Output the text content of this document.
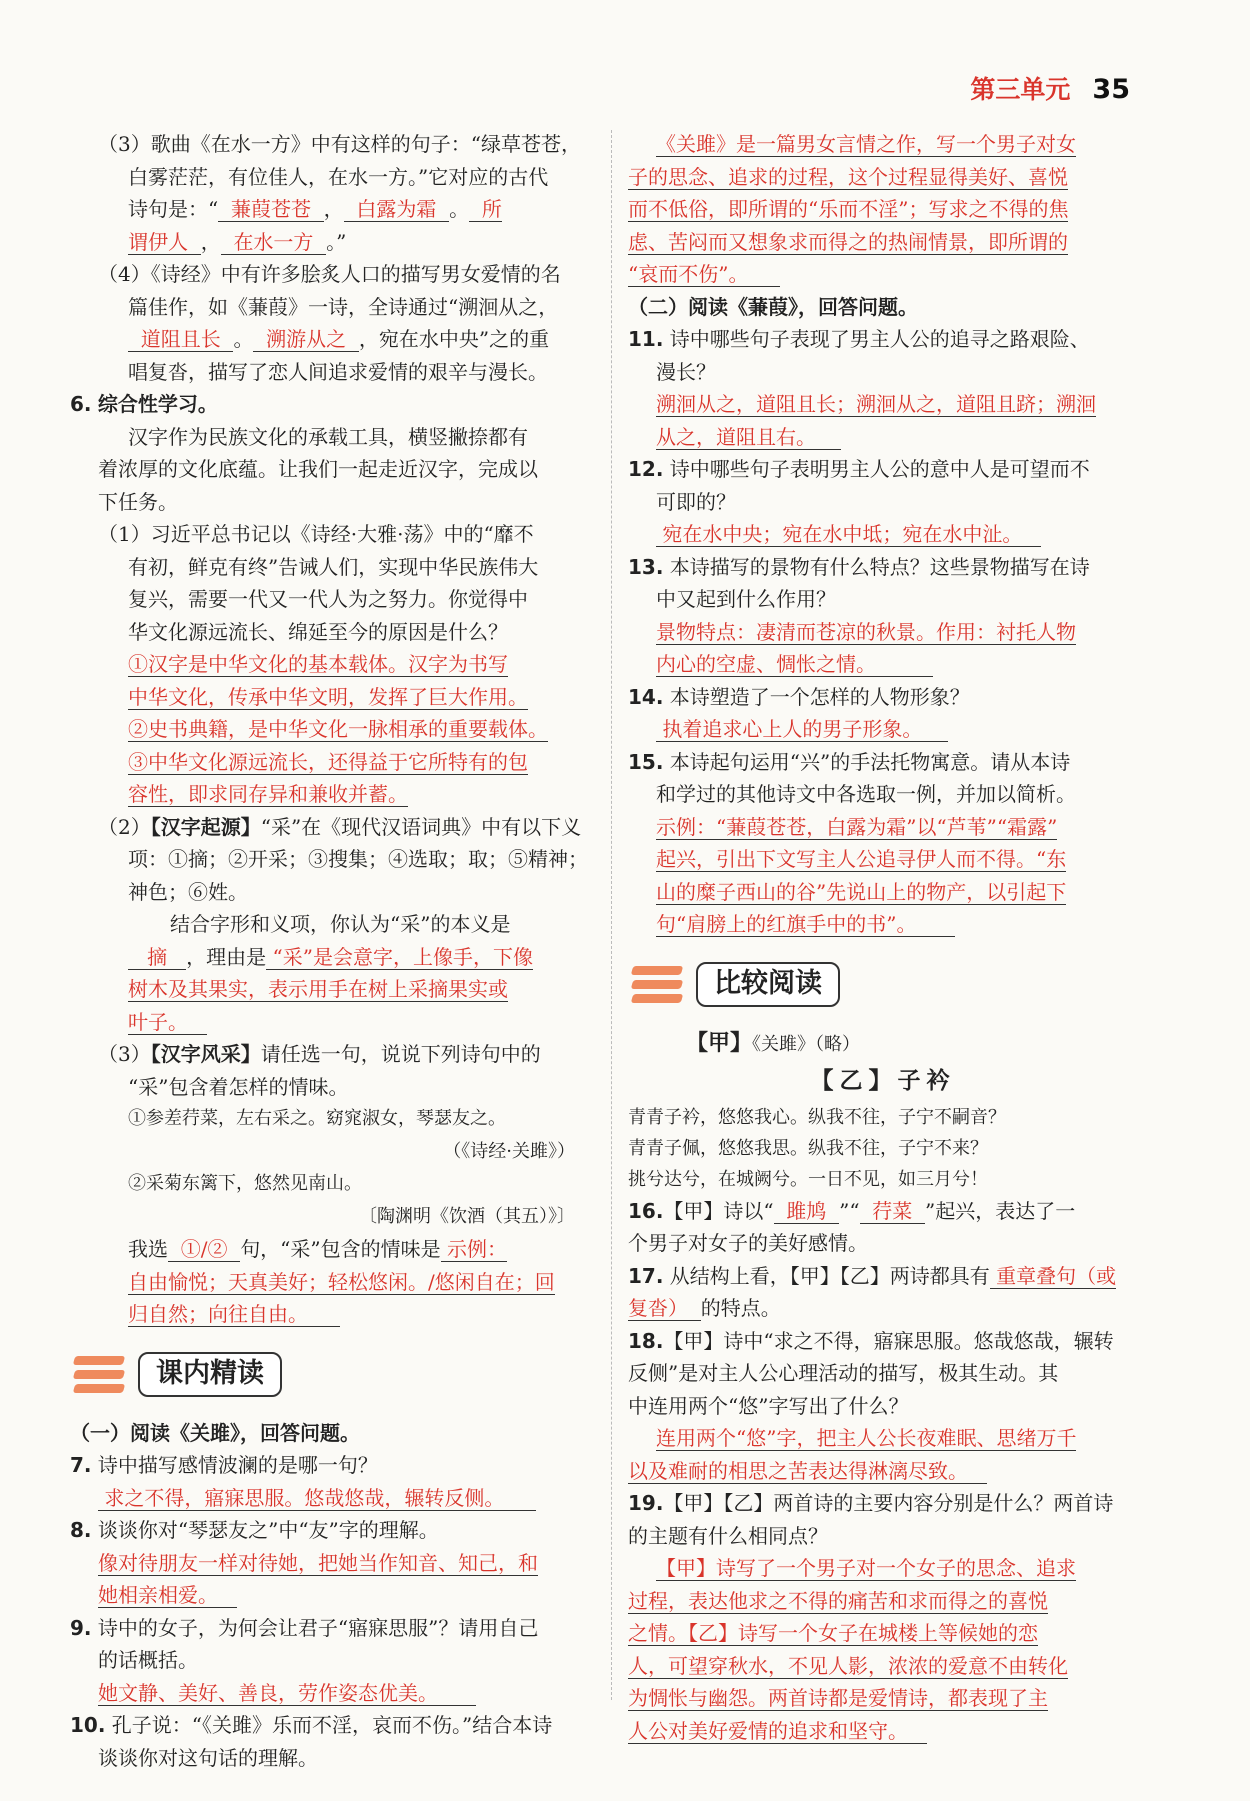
第三单元 35

（3）歌曲《在水一方》中有这样的句子：“绿草苍苍，

白雾茫茫，有位佳人，在水一方。”它对应的古代

诗句是：“ 蒹葭苍苍 ， 白露为霜 。 所

谓伊人 ， 在水一方 。”

（4）《诗经》中有许多脍炙人口的描写男女爱情的名

篇佳作，如《蒹葭》一诗，全诗通过“溯洄从之，

道阻且长 。 溯游从之 ，宛在水中央”之的重

唱复沓，描写了恋人间追求爱情的艰辛与漫长。

6. 综合性学习。

汉字作为民族文化的承载工具，横竖撇捺都有

着浓厚的文化底蕴。让我们一起走近汉字，完成以

下任务。

（1）习近平总书记以《诗经·大雅·荡》中的“靡不

有初，鲜克有终”告诫人们，实现中华民族伟大

复兴，需要一代又一代人为之努力。你觉得中

华文化源远流长、绵延至今的原因是什么？

①汉字是中华文化的基本载体。汉字为书写

中华文化，传承中华文明，发挥了巨大作用。

②史书典籍，是中华文化一脉相承的重要载体。

③中华文化源远流长，还得益于它所特有的包

容性，即求同存异和兼收并蓄。

（2）【汉字起源】“采”在《现代汉语词典》中有以下义

项：①摘；②开采；③搜集；④选取；取；⑤精神；

神色；⑥姓。

结合字形和义项，你认为“采”的本义是

摘 ，理由是 “采”是会意字，上像手，下像

树木及其果实，表示用手在树上采摘果实或

叶子。

（3）【汉字风采】请任选一句，说说下列诗句中的

“采”包含着怎样的情味。

①参差荇菜，左右采之。窈窕淑女，琴瑟友之。

（《诗经·关雎》）

②采菊东篱下，悠然见南山。

〔陶渊明《饮酒（其五）》〕

我选 ①/② 句，“采”包含的情味是 示例：

自由愉悦；天真美好；轻松悠闲。/悠闲自在；回

归自然；向往自由。

课内精读

（一）阅读《关雎》，回答问题。

7. 诗中描写感情波澜的是哪一句？

求之不得，寤寐思服。悠哉悠哉，辗转反侧。

8. 谈谈你对“琴瑟友之”中“友”字的理解。

像对待朋友一样对待她，把她当作知音、知己，和

她相亲相爱。

9. 诗中的女子，为何会让君子“寤寐思服”？请用自己

的话概括。

她文静、美好、善良，劳作姿态优美。

10. 孔子说：“《关雎》乐而不淫，哀而不伤。”结合本诗

谈谈你对这句话的理解。

《关雎》是一篇男女言情之作，写一个男子对女

子的思念、追求的过程，这个过程显得美好、喜悦

而不低俗，即所谓的“乐而不淫”；写求之不得的焦

虑、苦闷而又想象求而得之的热闹情景，即所谓的

“哀而不伤”。

（二）阅读《蒹葭》，回答问题。

11. 诗中哪些句子表现了男主人公的追寻之路艰险、

漫长？

溯洄从之，道阻且长；溯洄从之，道阻且跻；溯洄

从之，道阻且右。

12. 诗中哪些句子表明男主人公的意中人是可望而不

可即的？

宛在水中央；宛在水中坻；宛在水中沚。

13. 本诗描写的景物有什么特点？这些景物描写在诗

中又起到什么作用？

景物特点：凄清而苍凉的秋景。作用：衬托人物

内心的空虚、惆怅之情。

14. 本诗塑造了一个怎样的人物形象？

执着追求心上人的男子形象。

15. 本诗起句运用“兴”的手法托物寓意。请从本诗

和学过的其他诗文中各选取一例，并加以简析。

示例：“蒹葭苍苍，白露为霜”以“芦苇”“霜露”

起兴，引出下文写主人公追寻伊人而不得。“东

山的糜子西山的谷”先说山上的物产，以引起下

句“肩膀上的红旗手中的书”。

比较阅读

【甲】《关雎》（略）

【乙】子衿

青青子衿，悠悠我心。纵我不往，子宁不嗣音？

青青子佩，悠悠我思。纵我不往，子宁不来？

挑兮达兮，在城阙兮。一日不见，如三月兮！

16.【甲】诗以“ 雎鸠 ”“ 荇菜 ”起兴，表达了一

个男子对女子的美好感情。

17. 从结构上看，【甲】【乙】两诗都具有 重章叠句（或

复沓） 的特点。

18.【甲】诗中“求之不得，寤寐思服。悠哉悠哉，辗转

反侧”是对主人公心理活动的描写，极其生动。其

中连用两个“悠”字写出了什么？

连用两个“悠”字，把主人公长夜难眠、思绪万千

以及难耐的相思之苦表达得淋漓尽致。

19.【甲】【乙】两首诗的主要内容分别是什么？两首诗

的主题有什么相同点？

【甲】诗写了一个男子对一个女子的思念、追求

过程，表达他求之不得的痛苦和求而得之的喜悦

之情。【乙】诗写一个女子在城楼上等候她的恋

人，可望穿秋水，不见人影，浓浓的爱意不由转化

为惆怅与幽怨。两首诗都是爱情诗，都表现了主

人公对美好爱情的追求和坚守。
